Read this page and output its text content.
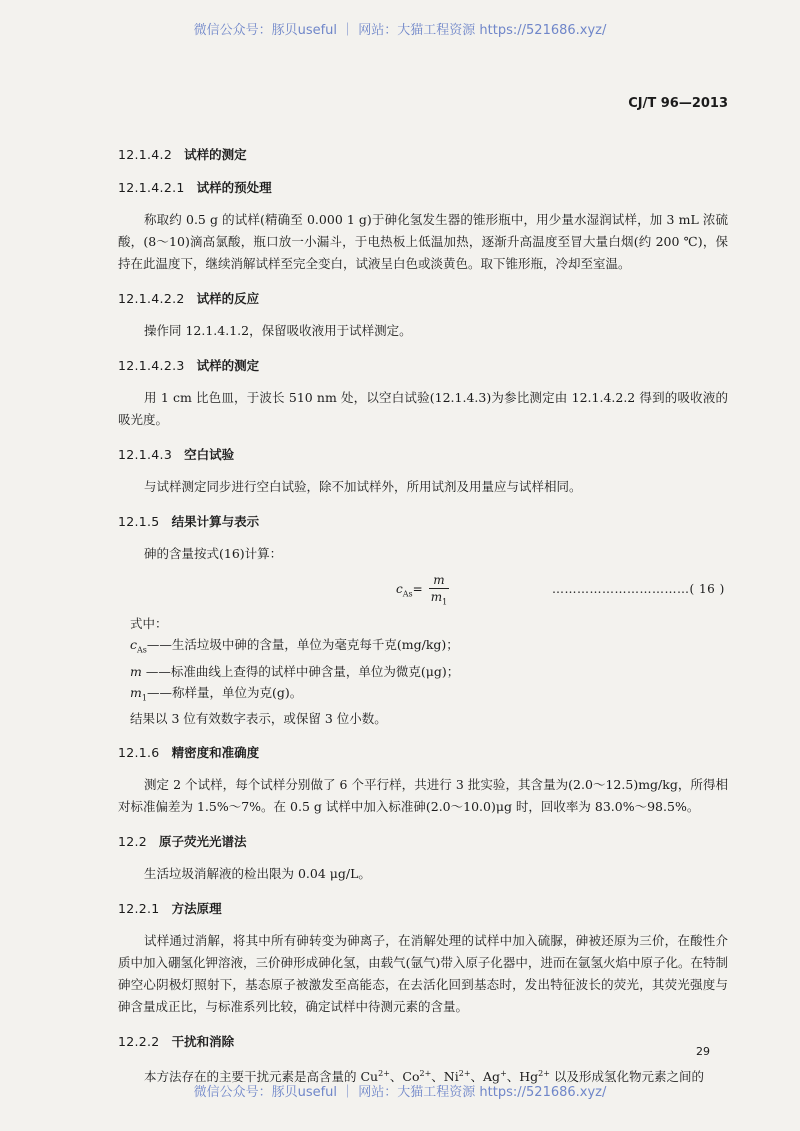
微信公众号：豚贝useful ｜ 网站：大猫工程资源 https://521686.xyz/
CJ/T 96—2013

12.1.4.2 试样的测定

12.1.4.2.1 试样的预处理

称取约 0.5 g 的试样(精确至 0.000 1 g)于砷化氢发生器的锥形瓶中，用少量水湿润试样，加 3 mL 浓硫酸，(8～10)滴高氯酸，瓶口放一小漏斗，于电热板上低温加热，逐渐升高温度至冒大量白烟(约 200 ℃)，保持在此温度下，继续消解试样至完全变白，试液呈白色或淡黄色。取下锥形瓶，冷却至室温。

12.1.4.2.2 试样的反应

操作同 12.1.4.1.2，保留吸收液用于试样测定。

12.1.4.2.3 试样的测定

用 1 cm 比色皿，于波长 510 nm 处，以空白试验(12.1.4.3)为参比测定由 12.1.4.2.2 得到的吸收液的吸光度。

12.1.4.3 空白试验

与试样测定同步进行空白试验，除不加试样外，所用试剂及用量应与试样相同。

12.1.5 结果计算与表示

砷的含量按式(16)计算：

$c_{As}=$
m
$m_1$
……………………………( 16 )

式中：

$c_{As}——$生活垃圾中砷的含量，单位为毫克每千克(mg/kg)；

m ——标准曲线上查得的试样中砷含量，单位为微克(μg)；

$m_1——$称样量，单位为克(g)。

结果以 3 位有效数字表示，或保留 3 位小数。

12.1.6 精密度和准确度

测定 2 个试样，每个试样分别做了 6 个平行样，共进行 3 批实验，其含量为(2.0～12.5)mg/kg，所得相对标准偏差为 1.5%～7%。在 0.5 g 试样中加入标准砷(2.0～10.0)μg 时，回收率为 83.0%～98.5%。

12.2 原子荧光光谱法

生活垃圾消解液的检出限为 0.04 μg/L。

12.2.1 方法原理

试样通过消解，将其中所有砷转变为砷离子，在消解处理的试样中加入硫脲，砷被还原为三价，在酸性介质中加入硼氢化钾溶液，三价砷形成砷化氢，由载气(氩气)带入原子化器中，进而在氩氢火焰中原子化。在特制砷空心阴极灯照射下，基态原子被激发至高能态，在去活化回到基态时，发出特征波长的荧光，其荧光强度与砷含量成正比，与标准系列比较，确定试样中待测元素的含量。

12.2.2 干扰和消除

本方法存在的主要干扰元素是高含量的 $Cu^{2+}$、$Co^{2+}$、$Ni^{2+}$、Ag+、$Hg^{2+}$ 以及形成氢化物元素之间的

29
微信公众号：豚贝useful ｜ 网站：大猫工程资源 https://521686.xyz/
